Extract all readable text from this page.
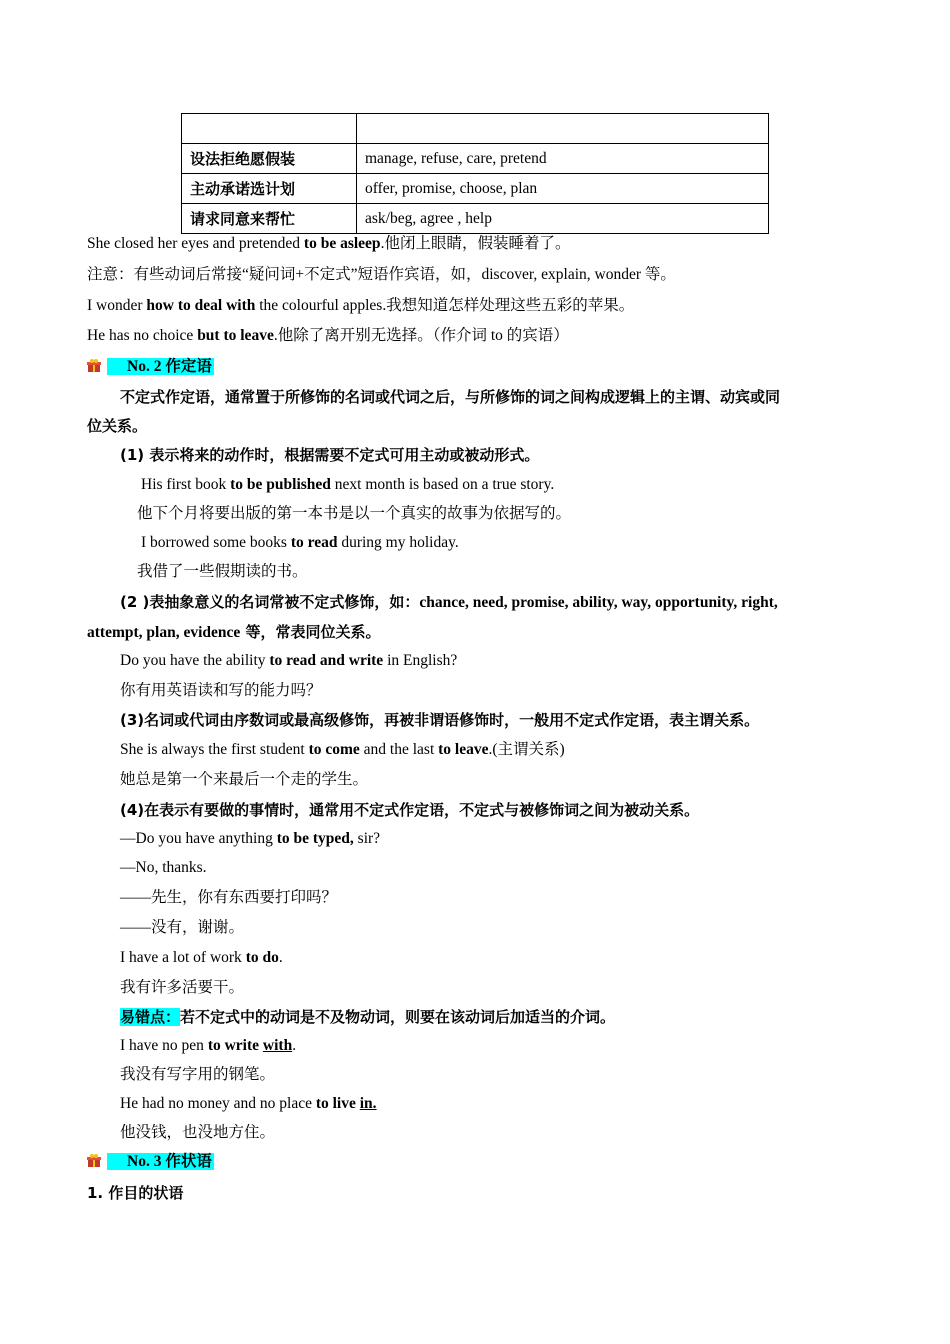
设法拒绝愿假装	manage, refuse, care, pretend
主动承诺选计划	offer, promise, choose, plan
请求同意来帮忙	ask/beg, agree , help
She closed her eyes and pretended to be asleep.他闭上眼睛，假装睡着了。
注意：有些动词后常接“疑问词+不定式”短语作宾语，如，discover, explain, wonder 等。
I wonder how to deal with the colourful apples.我想知道怎样处理这些五彩的苹果。
He has no choice but to leave.他除了离开别无选择。（作介词 to 的宾语）
No. 2 作定语
不定式作定语，通常置于所修饰的名词或代词之后，与所修饰的词之间构成逻辑上的主谓、动宾或同
位关系。
(1) 表示将来的动作时，根据需要不定式可用主动或被动形式。
His first book to be published next month is based on a true story.
他下个月将要出版的第一本书是以一个真实的故事为依据写的。
I borrowed some books to read during my holiday.
我借了一些假期读的书。
(2 )表抽象意义的名词常被不定式修饰，如：chance, need, promise, ability, way, opportunity, right,
attempt, plan, evidence 等，常表同位关系。
Do you have the ability to read and write in English?
你有用英语读和写的能力吗？
(3)名词或代词由序数词或最高级修饰，再被非谓语修饰时，一般用不定式作定语，表主谓关系。
She is always the first student to come and the last to leave.(主谓关系)
她总是第一个来最后一个走的学生。
(4)在表示有要做的事情时，通常用不定式作定语，不定式与被修饰词之间为被动关系。
—Do you have anything to be typed, sir?
—No, thanks.
——先生，你有东西要打印吗？
——没有，谢谢。
I have a lot of work to do.
我有许多活要干。
易错点：若不定式中的动词是不及物动词，则要在该动词后加适当的介词。
I have no pen to write with.
我没有写字用的钢笔。
He had no money and no place to live in.
他没钱，也没地方住。
No. 3 作状语
1. 作目的状语
